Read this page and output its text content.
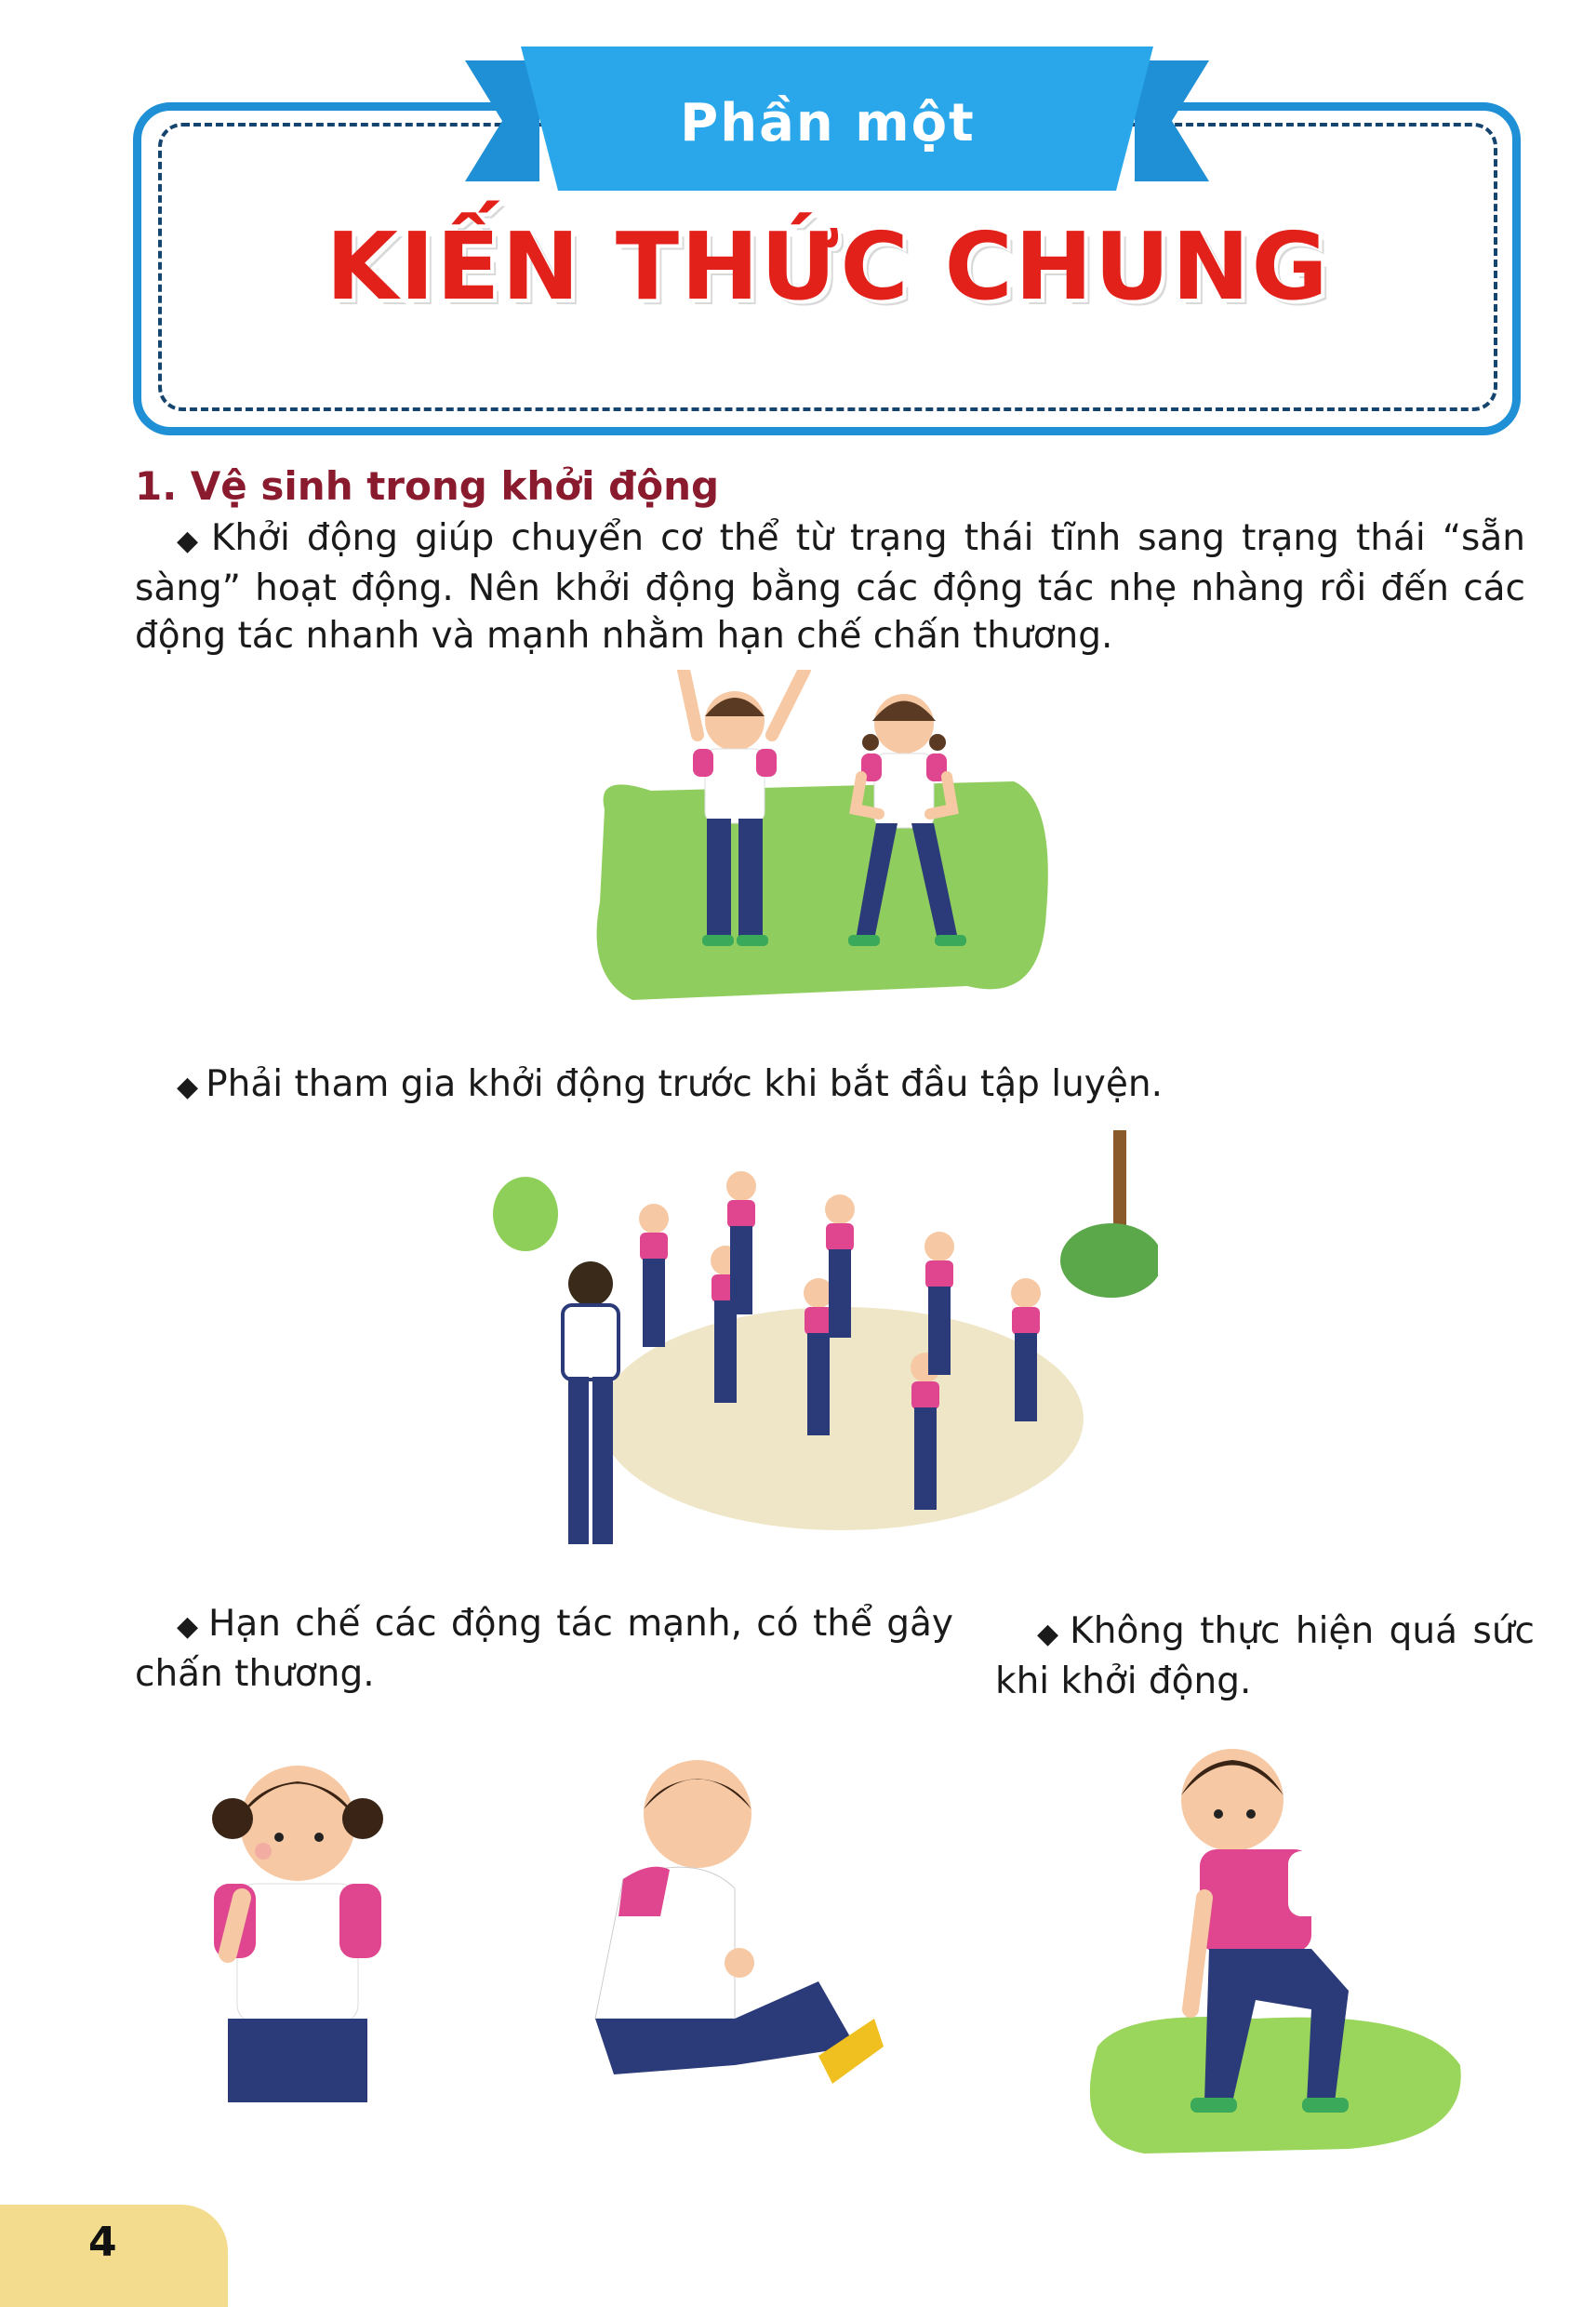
Phần một
KIẾN THỨC CHUNG
1. Vệ sinh trong khởi động
◆ Khởi động giúp chuyển cơ thể từ trạng thái tĩnh sang trạng thái “sẵn sàng” hoạt động. Nên khởi động bằng các động tác nhẹ nhàng rồi đến các động tác nhanh và mạnh nhằm hạn chế chấn thương.
◆ Phải tham gia khởi động trước khi bắt đầu tập luyện.
◆ Hạn chế các động tác mạnh, có thể gây chấn thương.
◆ Không thực hiện quá sức khi khởi động.
4
